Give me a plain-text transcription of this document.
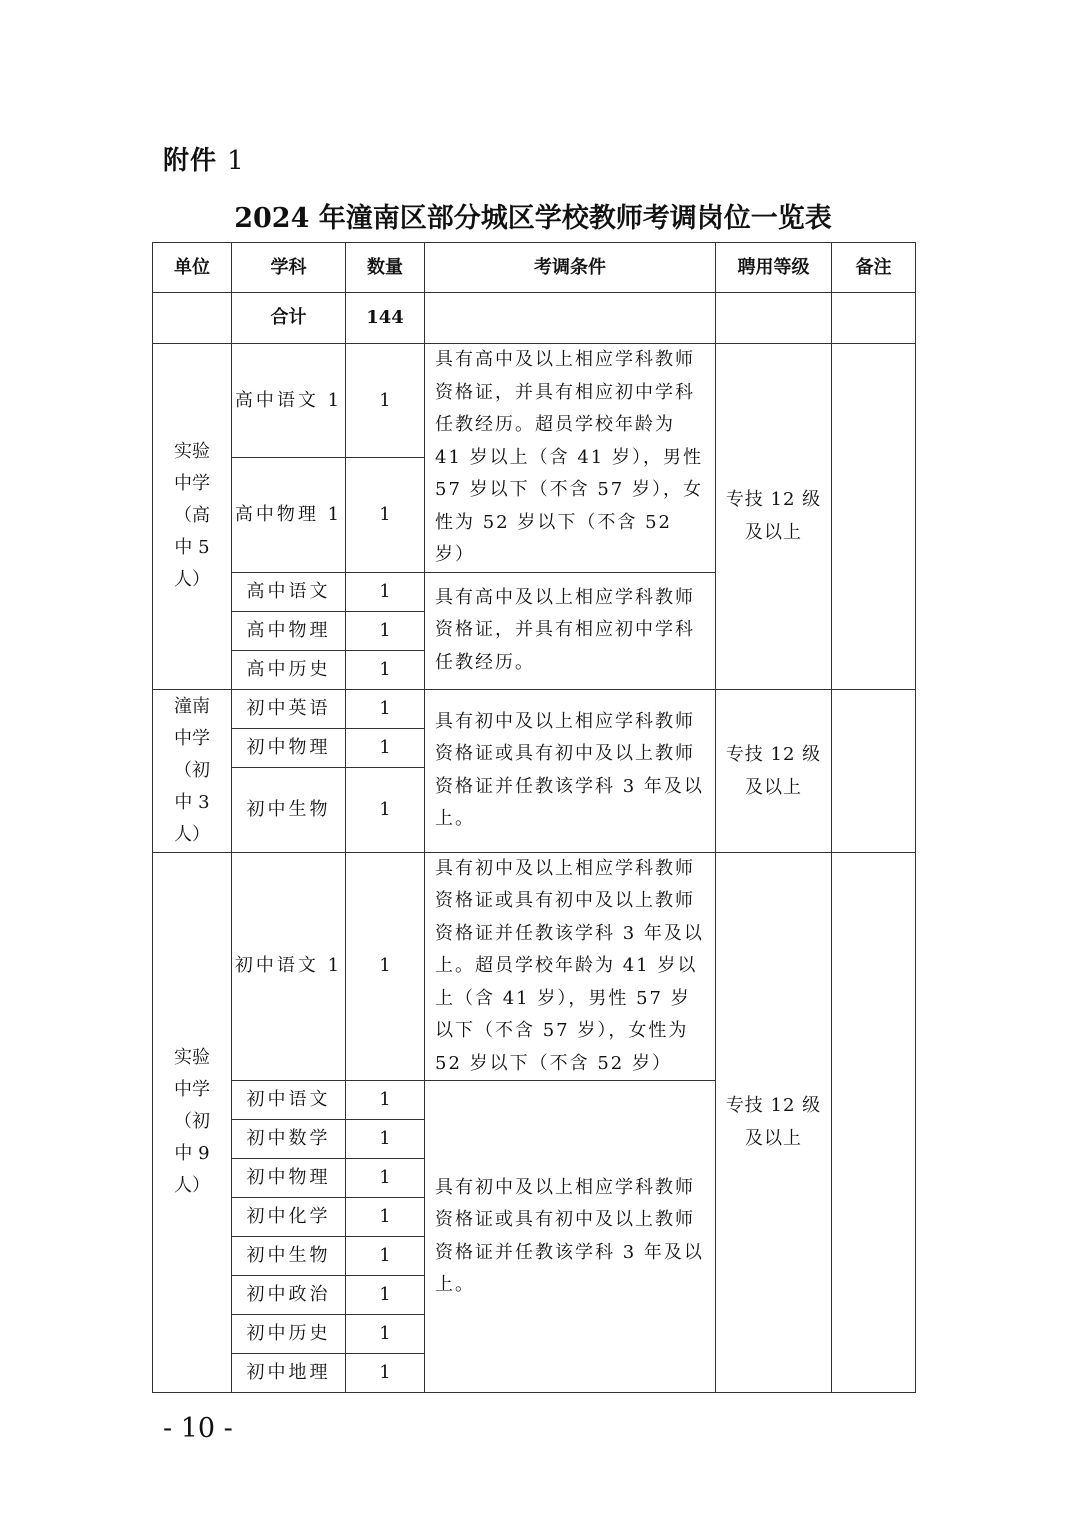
附件 1
2024 年潼南区部分城区学校教师考调岗位一览表
单位	学科	数量	考调条件	聘用等级	备注
	合计	144			

实验
中学
（高
中 5
人）	高中语文 1	1	具有高中及以上相应学科教师资格证，并具有相应初中学科任教经历。超员学校年龄为 41 岁以上（含 41 岁），男性 57 岁以下（不含 57 岁），女性为 52 岁以下（不含 52 岁）	专技 12 级
及以上	
	高中物理 1	1			
	高中语文	1	具有高中及以上相应学科教师资格证，并具有相应初中学科任教经历。		
	高中物理	1			
	高中历史	1			

潼南
中学
（初
中 3
人）	初中英语	1	具有初中及以上相应学科教师资格证或具有初中及以上教师资格证并任教该学科 3 年及以上。	专技 12 级
及以上	
	初中物理	1			
	初中生物	1			

实验
中学
（初
中 9
人）	初中语文 1	1	具有初中及以上相应学科教师资格证或具有初中及以上教师资格证并任教该学科 3 年及以上。超员学校年龄为 41 岁以上（含 41 岁），男性 57 岁以下（不含 57 岁），女性为 52 岁以下（不含 52 岁）	专技 12 级
及以上	
	初中语文	1	具有初中及以上相应学科教师资格证或具有初中及以上教师资格证并任教该学科 3 年及以上。		
	初中数学	1			
	初中物理	1			
	初中化学	1			
	初中生物	1			
	初中政治	1			
	初中历史	1			
	初中地理	1			
- 10 -
